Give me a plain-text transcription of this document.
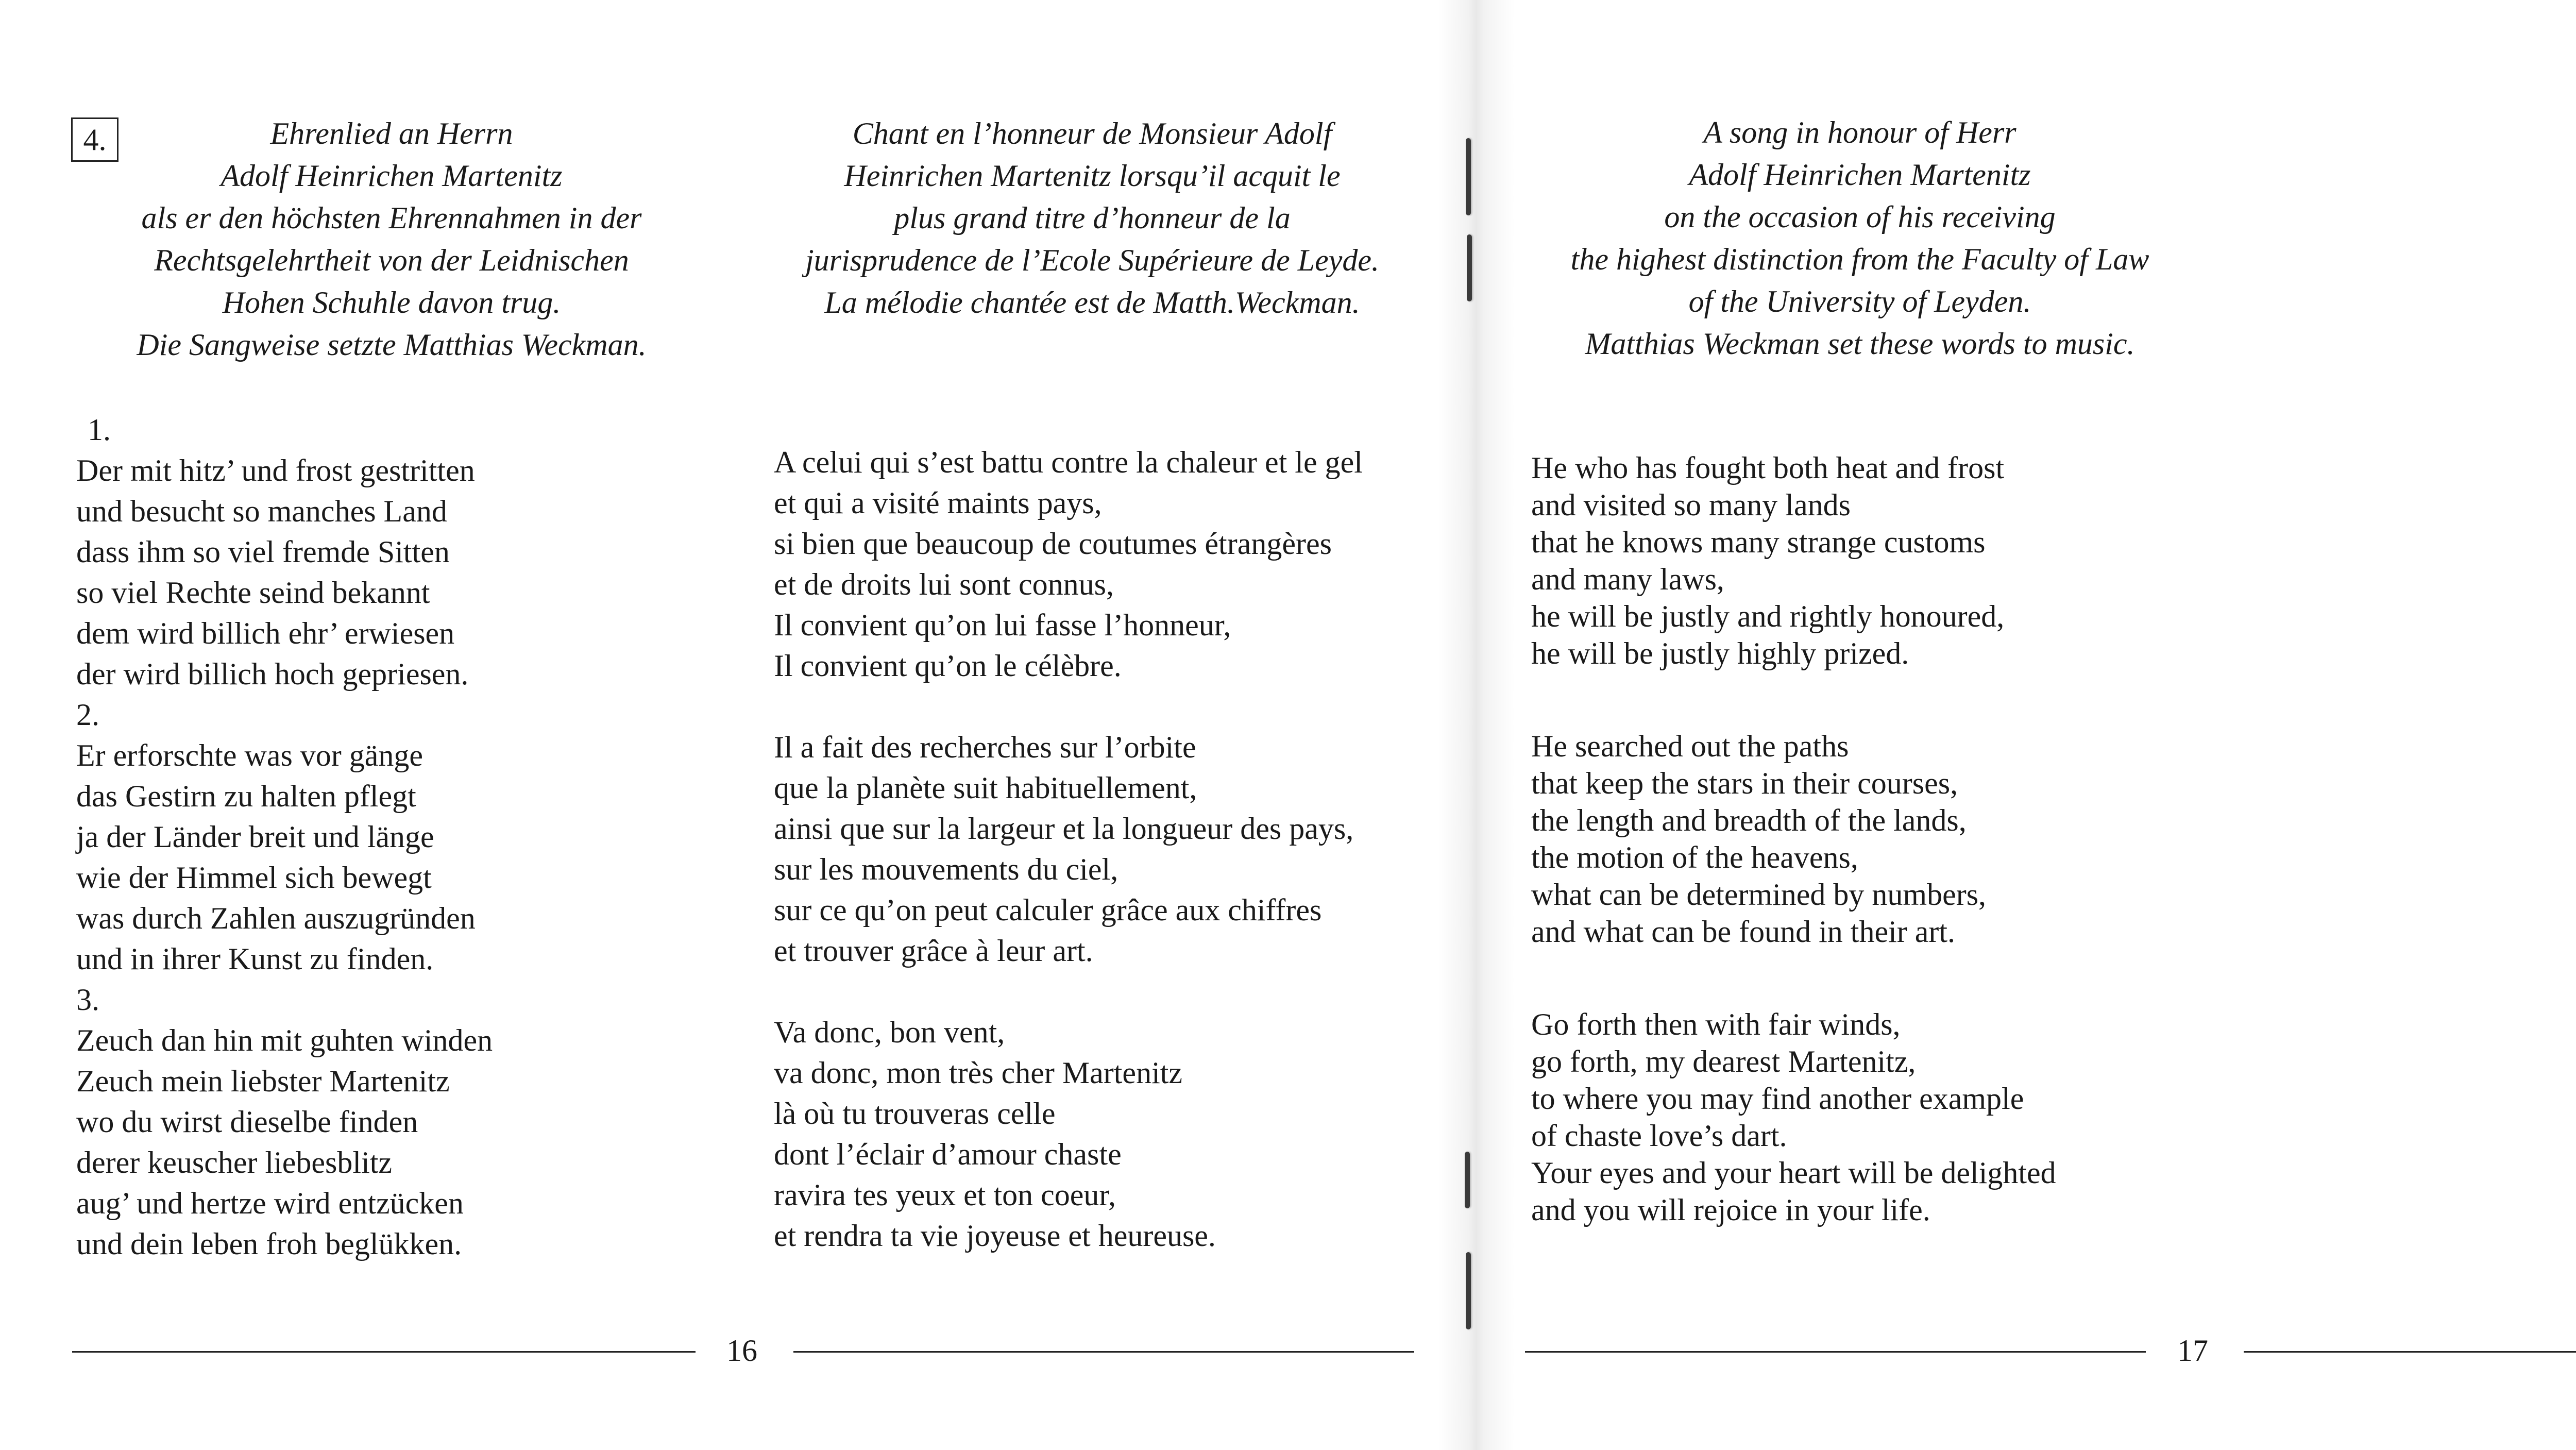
4.	Ehrenlied an Herrn
Adolf Heinrichen Martenitz
als er den höchsten Ehrennahmen in der
Rechtsgelehrtheit von der Leidnischen
Hohen Schuhle davon trug.
Die Sangweise setzte Matthias Weckman.
1.
Der mit hitz’ und frost gestritten
und besucht so manches Land
dass ihm so viel fremde Sitten
so viel Rechte seind bekannt
dem wird billich ehr’ erwiesen
der wird billich hoch gepriesen.
2.
Er erforschte was vor gänge
das Gestirn zu halten pflegt
ja der Länder breit und länge
wie der Himmel sich bewegt
was durch Zahlen auszugründen
und in ihrer Kunst zu finden.
3.
Zeuch dan hin mit guhten winden
Zeuch mein liebster Martenitz
wo du wirst dieselbe finden
derer keuscher liebesblitz
aug’ und hertze wird entzücken
und dein leben froh beglükken.
Chant en l’honneur de Monsieur Adolf
Heinrichen Martenitz lorsqu’il acquit le
plus grand titre d’honneur de la
jurisprudence de l’Ecole Supérieure de Leyde.
La mélodie chantée est de Matth.Weckman.
A celui qui s’est battu contre la chaleur et le gel
et qui a visité maints pays,
si bien que beaucoup de coutumes étrangères
et de droits lui sont connus,
Il convient qu’on lui fasse l’honneur,
Il convient qu’on le célèbre.
Il a fait des recherches sur l’orbite
que la planète suit habituellement,
ainsi que sur la largeur et la longueur des pays,
sur les mouvements du ciel,
sur ce qu’on peut calculer grâce aux chiffres
et trouver grâce à leur art.
Va donc, bon vent,
va donc, mon très cher Martenitz
là où tu trouveras celle
dont l’éclair d’amour chaste
ravira tes yeux et ton coeur,
et rendra ta vie joyeuse et heureuse.
A song in honour of Herr
Adolf Heinrichen Martenitz
on the occasion of his receiving
the highest distinction from the Faculty of Law
of the University of Leyden.
Matthias Weckman set these words to music.
He who has fought both heat and frost
and visited so many lands
that he knows many strange customs
and many laws,
he will be justly and rightly honoured,
he will be justly highly prized.
He searched out the paths
that keep the stars in their courses,
the length and breadth of the lands,
the motion of the heavens,
what can be determined by numbers,
and what can be found in their art.
Go forth then with fair winds,
go forth, my dearest Martenitz,
to where you may find another example
of chaste love’s dart.
Your eyes and your heart will be delighted
and you will rejoice in your life.
16	17
